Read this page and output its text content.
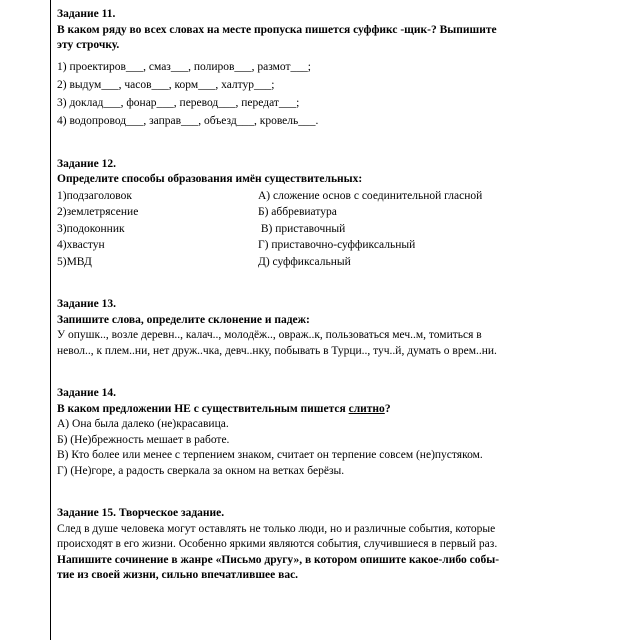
Задание 11.
В каком ряду во всех словах на месте пропуска пишется суффикс -щик-? Выпишите
эту строчку.
1) проектиров___, смаз___, полиров___, размот___;
2) выдум___, часов___, корм___, халтур___;
3) доклад___, фонар___, перевод___, передат___;
4) водопровод___, заправ___, объезд___, кровель___.
Задание 12.
Определите способы образования имён существительных:
1)подзаголовок	А) сложение основ с соединительной гласной
2)землетрясение	Б) аббревиатура
3)подоконник	В) приставочный
4)хвастун	Г) приставочно-суффиксальный
5)МВД	Д) суффиксальный
Задание 13.
Запишите слова, определите склонение и падеж:
У опушк.., возле деревн.., калач.., молодёж.., овраж..к, пользоваться меч..м, томиться в
невол.., к плем..ни, нет друж..чка, девч..нку, побывать в Турци.., туч..й, думать о врем..ни.
Задание 14.
В каком предложении НЕ с существительным пишется слитно?
А) Она была далеко (не)красавица.
Б) (Не)брежность мешает в работе.
В) Кто более или менее с терпением знаком, считает он терпение совсем (не)пустяком.
Г) (Не)горе, а радость сверкала за окном на ветках берёзы.
Задание 15. Творческое задание.
След в душе человека могут оставлять не только люди, но и различные события, которые
происходят в его жизни. Особенно яркими являются события, случившиеся в первый раз.
Напишите сочинение в жанре «Письмо другу», в котором опишите какое-либо собы-
тие из своей жизни, сильно впечатлившее вас.
